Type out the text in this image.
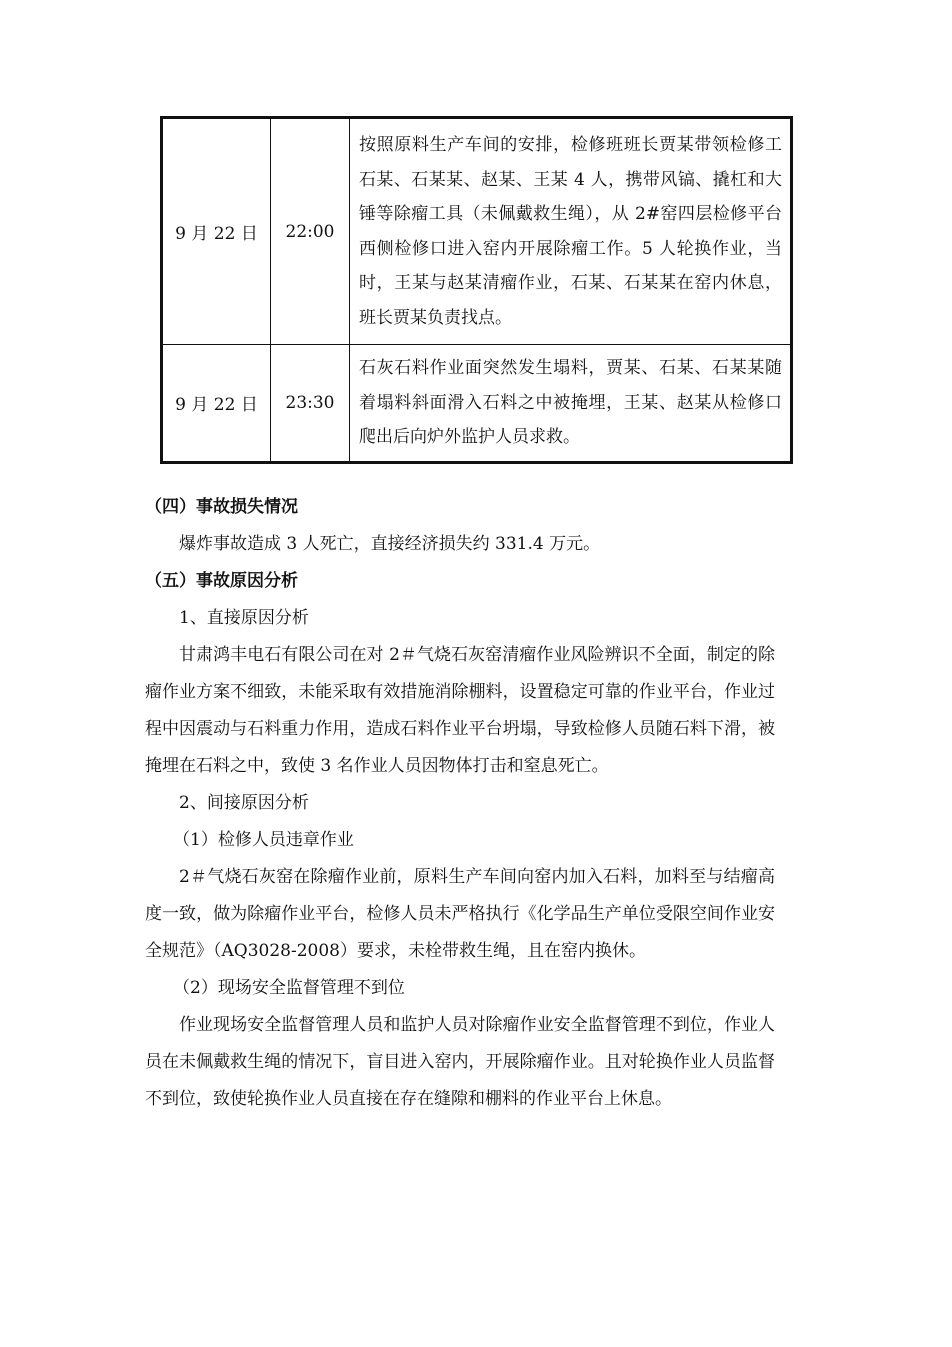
9 月 22 日	22:00	按照原料生产车间的安排，检修班班长贾某带领检修工石某、石某某、赵某、王某 4 人，携带风镐、撬杠和大锤等除瘤工具（未佩戴救生绳），从 2#窑四层检修平台西侧检修口进入窑内开展除瘤工作。5 人轮换作业，当时，王某与赵某清瘤作业，石某、石某某在窑内休息，班长贾某负责找点。
9 月 22 日	23:30	石灰石料作业面突然发生塌料，贾某、石某、石某某随着塌料斜面滑入石料之中被掩埋，王某、赵某从检修口爬出后向炉外监护人员求救。

（四）事故损失情况

爆炸事故造成 3 人死亡，直接经济损失约 331.4 万元。

（五）事故原因分析

1、直接原因分析

甘肃鸿丰电石有限公司在对 2＃气烧石灰窑清瘤作业风险辨识不全面，制定的除瘤作业方案不细致，未能采取有效措施消除棚料，设置稳定可靠的作业平台，作业过程中因震动与石料重力作用，造成石料作业平台坍塌，导致检修人员随石料下滑，被掩埋在石料之中，致使 3 名作业人员因物体打击和窒息死亡。

2、间接原因分析

（1）检修人员违章作业

2＃气烧石灰窑在除瘤作业前，原料生产车间向窑内加入石料，加料至与结瘤高度一致，做为除瘤作业平台，检修人员未严格执行《化学品生产单位受限空间作业安全规范》（AQ3028-2008）要求，未栓带救生绳，且在窑内换休。

（2）现场安全监督管理不到位

作业现场安全监督管理人员和监护人员对除瘤作业安全监督管理不到位，作业人员在未佩戴救生绳的情况下，盲目进入窑内，开展除瘤作业。且对轮换作业人员监督不到位，致使轮换作业人员直接在存在缝隙和棚料的作业平台上休息。
